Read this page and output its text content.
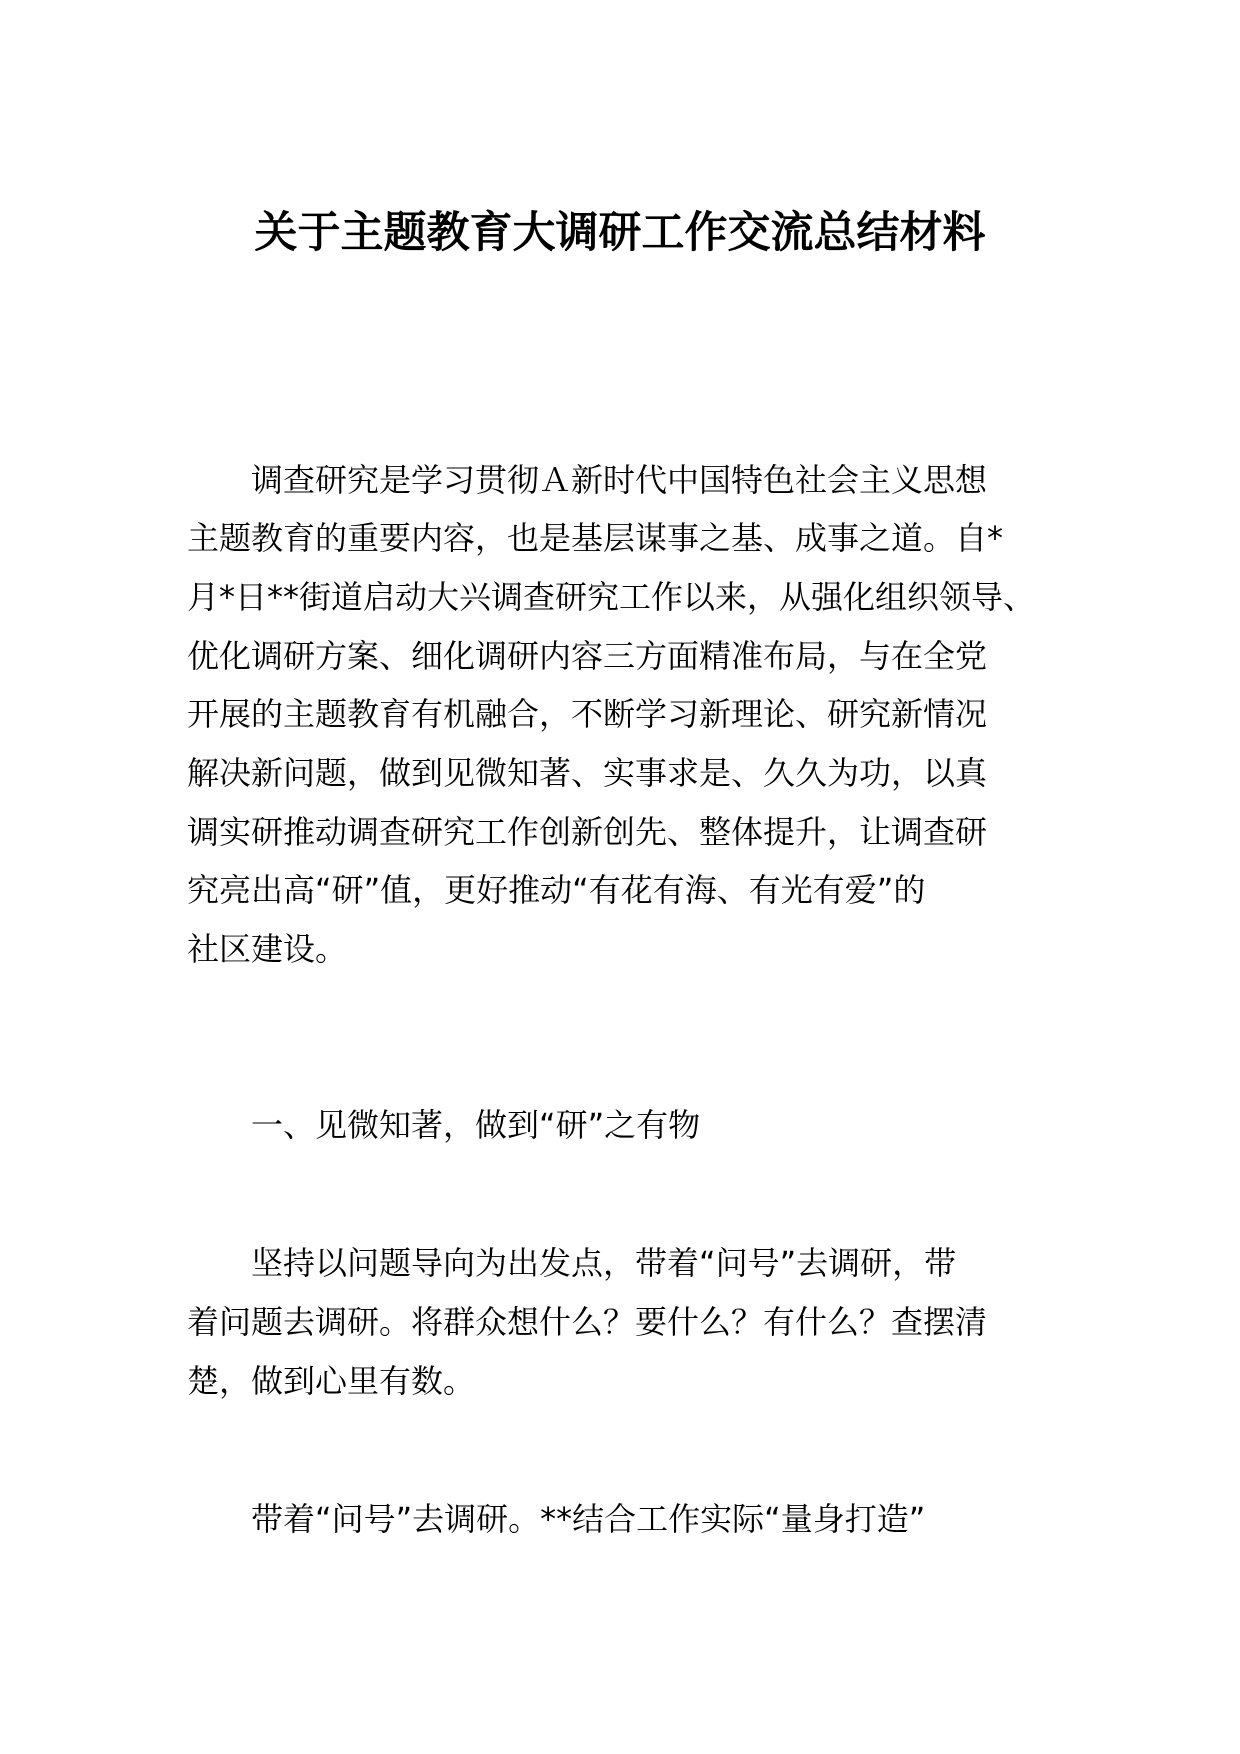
关于主题教育大调研工作交流总结材料

调查研究是学习贯彻Ａ新时代中国特色社会主义思想

主题教育的重要内容，也是基层谋事之基、成事之道。自*

月*日**街道启动大兴调查研究工作以来，从强化组织领导、

优化调研方案、细化调研内容三方面精准布局，与在全党

开展的主题教育有机融合，不断学习新理论、研究新情况

解决新问题，做到见微知著、实事求是、久久为功，以真

调实研推动调查研究工作创新创先、整体提升，让调查研

究亮出高“研”值，更好推动“有花有海、有光有爱”的

社区建设。

一、见微知著，做到“研”之有物

坚持以问题导向为出发点，带着“问号”去调研，带

着问题去调研。将群众想什么？要什么？有什么？查摆清

楚，做到心里有数。

带着“问号”去调研。**结合工作实际“量身打造”
